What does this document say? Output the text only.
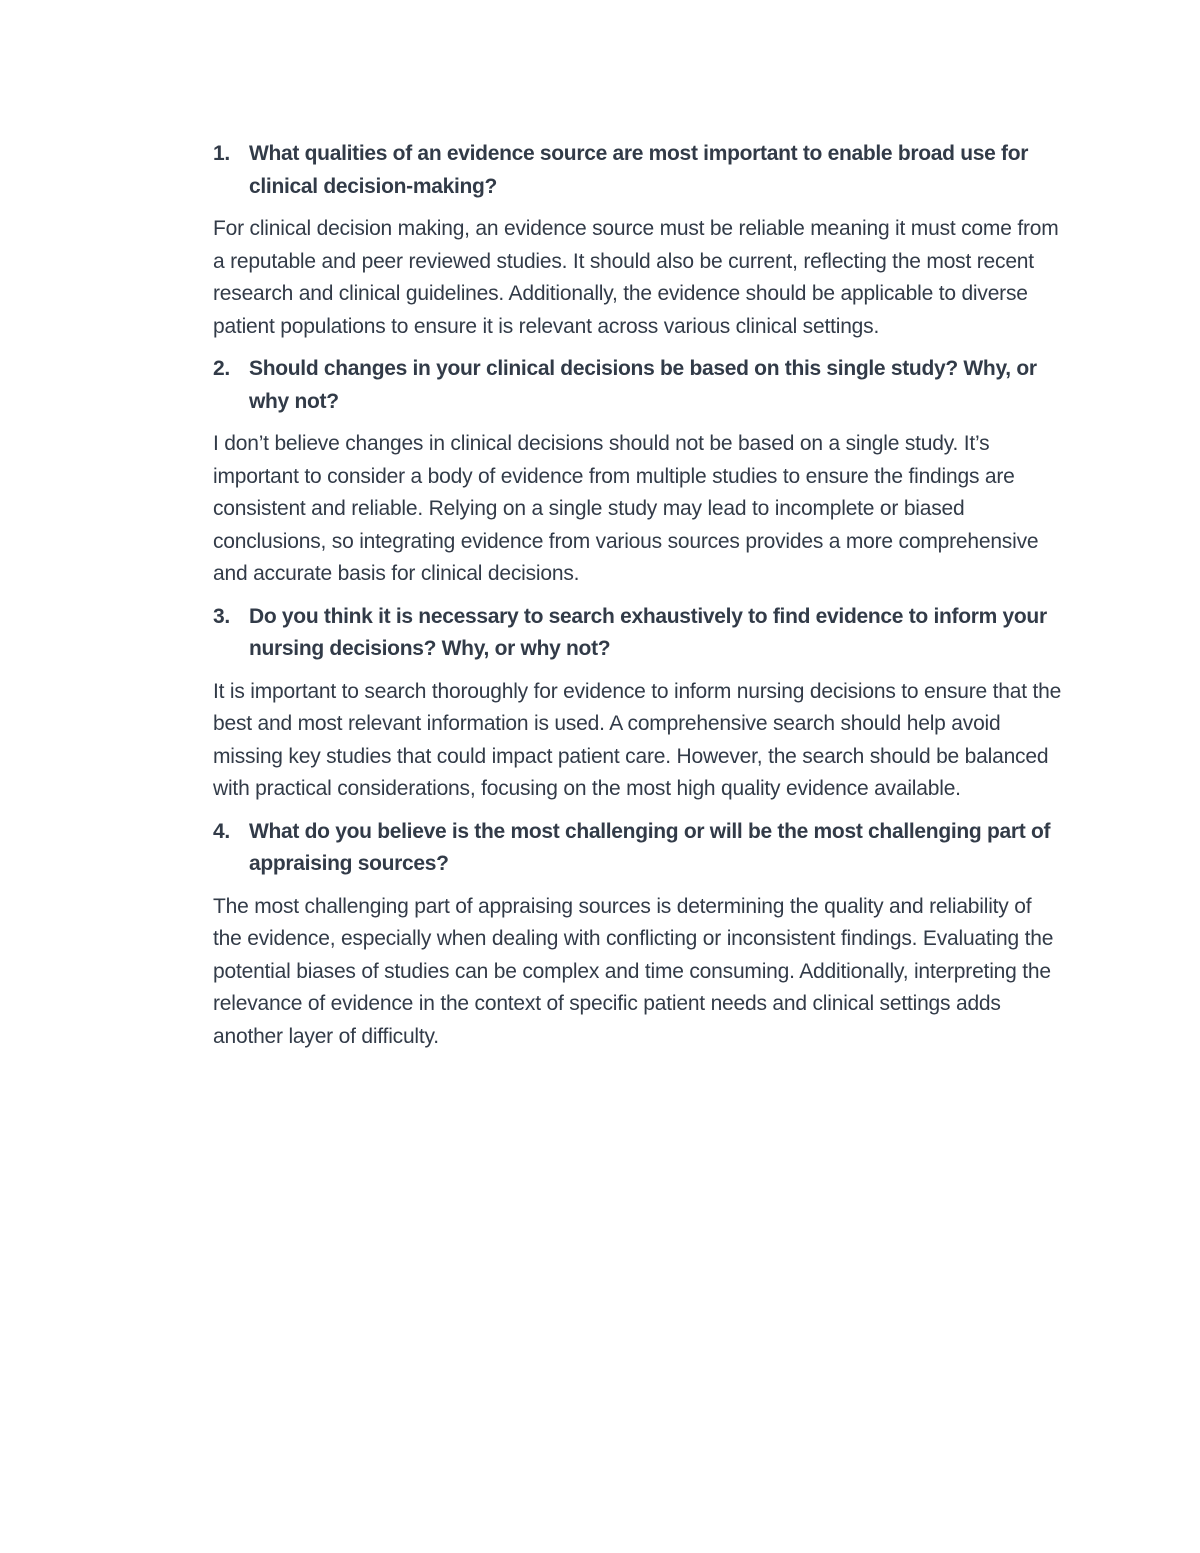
1. What qualities of an evidence source are most important to enable broad use for clinical decision-making?

For clinical decision making, an evidence source must be reliable meaning it must come from a reputable and peer reviewed studies. It should also be current, reflecting the most recent research and clinical guidelines. Additionally, the evidence should be applicable to diverse patient populations to ensure it is relevant across various clinical settings.

2. Should changes in your clinical decisions be based on this single study? Why, or why not?

I don’t believe changes in clinical decisions should not be based on a single study. It’s important to consider a body of evidence from multiple studies to ensure the findings are consistent and reliable. Relying on a single study may lead to incomplete or biased conclusions, so integrating evidence from various sources provides a more comprehensive and accurate basis for clinical decisions.

3. Do you think it is necessary to search exhaustively to find evidence to inform your nursing decisions? Why, or why not?

It is important to search thoroughly for evidence to inform nursing decisions to ensure that the best and most relevant information is used. A comprehensive search should help avoid missing key studies that could impact patient care. However, the search should be balanced with practical considerations, focusing on the most high quality evidence available.

4. What do you believe is the most challenging or will be the most challenging part of appraising sources?

The most challenging part of appraising sources is determining the quality and reliability of the evidence, especially when dealing with conflicting or inconsistent findings. Evaluating the potential biases of studies can be complex and time consuming. Additionally, interpreting the relevance of evidence in the context of specific patient needs and clinical settings adds another layer of difficulty.
